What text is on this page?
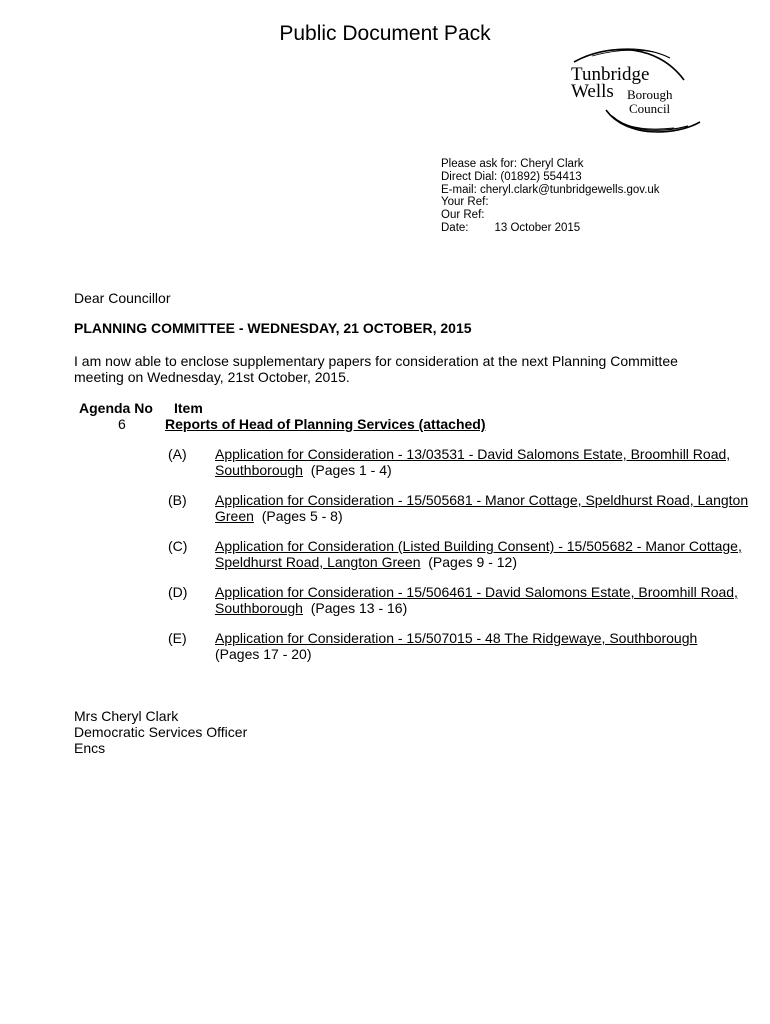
Public Document Pack
Tunbridge
Wells Borough
Council
Please ask for: Cheryl Clark
Direct Dial: (01892) 554413
E-mail: cheryl.clark@tunbridgewells.gov.uk
Your Ref:
Our Ref:
Date: 13 October 2015
Dear Councillor
PLANNING COMMITTEE - WEDNESDAY, 21 OCTOBER, 2015
I am now able to enclose supplementary papers for consideration at the next Planning Committee meeting on Wednesday, 21st October, 2015.
Agenda No Item
6	Reports of Head of Planning Services (attached)
(A) Application for Consideration - 13/03531 - David Salomons Estate, Broomhill Road, Southborough (Pages 1 - 4)
(B) Application for Consideration - 15/505681 - Manor Cottage, Speldhurst Road, Langton Green (Pages 5 - 8)
(C) Application for Consideration (Listed Building Consent) - 15/505682 - Manor Cottage, Speldhurst Road, Langton Green (Pages 9 - 12)
(D) Application for Consideration - 15/506461 - David Salomons Estate, Broomhill Road, Southborough (Pages 13 - 16)
(E) Application for Consideration - 15/507015 - 48 The Ridgewaye, Southborough
(Pages 17 - 20)
Mrs Cheryl Clark
Democratic Services Officer
Encs
